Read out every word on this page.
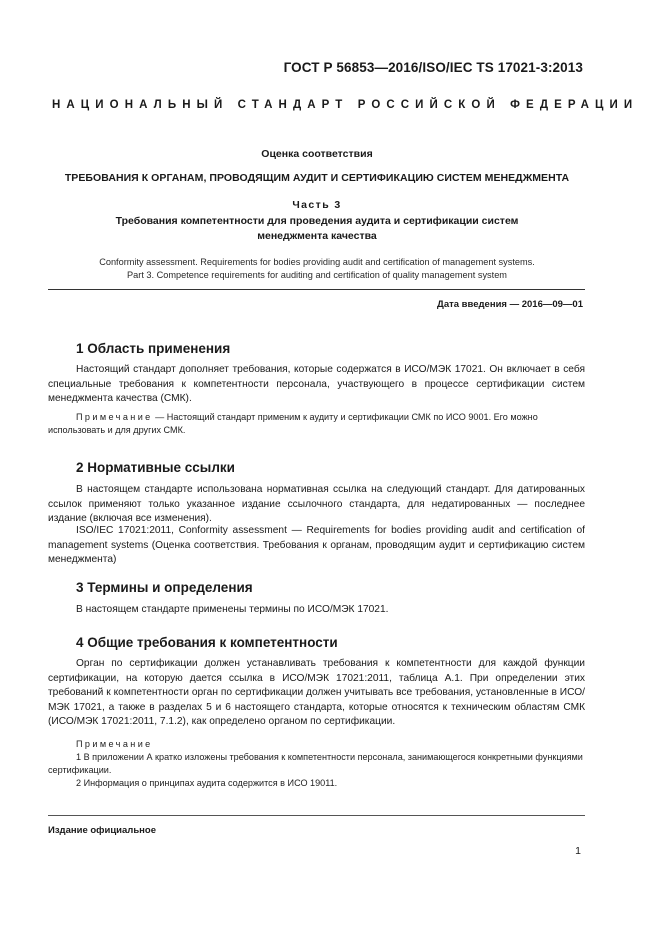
ГОСТ Р 56853—2016/ISO/IEC TS 17021-3:2013
НАЦИОНАЛЬНЫЙ СТАНДАРТ РОССИЙСКОЙ ФЕДЕРАЦИИ
Оценка соответствия
ТРЕБОВАНИЯ К ОРГАНАМ, ПРОВОДЯЩИМ АУДИТ И СЕРТИФИКАЦИЮ СИСТЕМ МЕНЕДЖМЕНТА
Часть 3
Требования компетентности для проведения аудита и сертификации систем
менеджмента качества
Conformity assessment. Requirements for bodies providing audit and certification of management systems.
Part 3. Competence requirements for auditing and certification of quality management system
Дата введения — 2016—09—01
1 Область применения
Настоящий стандарт дополняет требования, которые содержатся в ИСО/МЭК 17021. Он включает в себя специальные требования к компетентности персонала, участвующего в процессе сертификации систем менеджмента качества (СМК).
Примечание — Настоящий стандарт применим к аудиту и сертификации СМК по ИСО 9001. Его можно использовать и для других СМК.
2 Нормативные ссылки
В настоящем стандарте использована нормативная ссылка на следующий стандарт. Для датированных ссылок применяют только указанное издание ссылочного стандарта, для недатированных — последнее издание (включая все изменения).
ISO/IEC 17021:2011, Conformity assessment — Requirements for bodies providing audit and certification of management systems (Оценка соответствия. Требования к органам, проводящим аудит и сертификацию систем менеджмента)
3 Термины и определения
В настоящем стандарте применены термины по ИСО/МЭК 17021.
4 Общие требования к компетентности
Орган по сертификации должен устанавливать требования к компетентности для каждой функции сертификации, на которую дается ссылка в ИСО/МЭК 17021:2011, таблица А.1. При определении этих требований к компетентности орган по сертификации должен учитывать все требования, установленные в ИСО/МЭК 17021, а также в разделах 5 и 6 настоящего стандарта, которые относятся к техническим областям СМК (ИСО/МЭК 17021:2011, 7.1.2), как определено органом по сертификации.
Примечание
1 В приложении А кратко изложены требования к компетентности персонала, занимающегося конкретными функциями сертификации.
2 Информация о принципах аудита содержится в ИСО 19011.
Издание официальное
1
